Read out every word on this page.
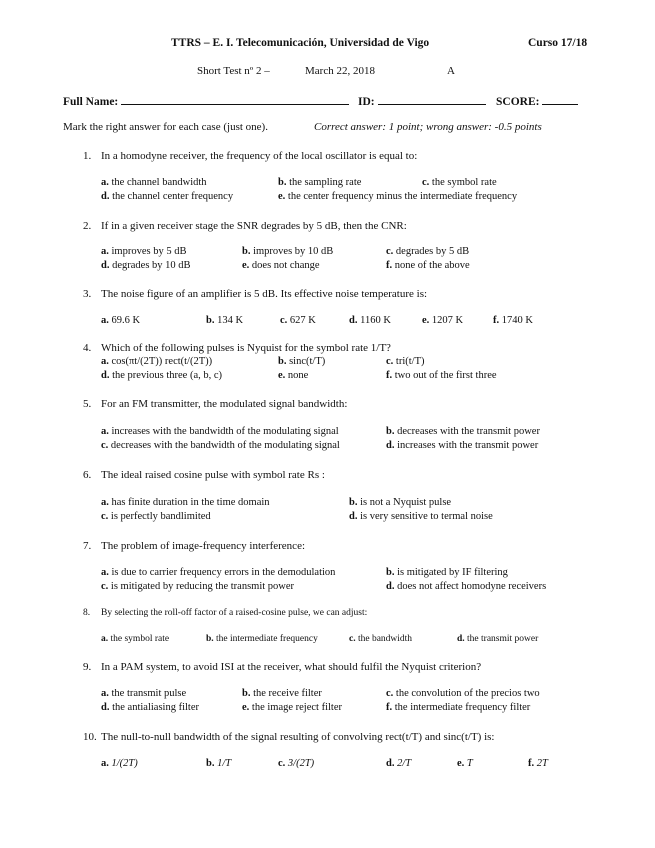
TTRS – E. I. Telecomunicación, Universidad de Vigo	Curso 17/18
Short Test nº 2 –	March 22, 2018	A
Full Name:	ID:	SCORE:
Mark the right answer for each case (just one).	Correct answer: 1 point; wrong answer: -0.5 points
1. In a homodyne receiver, the frequency of the local oscillator is equal to:
a. the channel bandwidth	b. the sampling rate	c. the symbol rate
d. the channel center frequency	e. the center frequency minus the intermediate frequency
2. If in a given receiver stage the SNR degrades by 5 dB, then the CNR:
a. improves by 5 dB	b. improves by 10 dB	c. degrades by 5 dB
d. degrades by 10 dB	e. does not change	f. none of the above
3. The noise figure of an amplifier is 5 dB. Its effective noise temperature is:
a. 69.6 K	b. 134 K	c. 627 K	d. 1160 K	e. 1207 K	f. 1740 K
4. Which of the following pulses is Nyquist for the symbol rate 1/T?
a. cos(πt/(2T)) rect(t/(2T))	b. sinc(t/T)	c. tri(t/T)
d. the previous three (a, b, c)	e. none	f. two out of the first three
5. For an FM transmitter, the modulated signal bandwidth:
a. increases with the bandwidth of the modulating signal	b. decreases with the transmit power
c. decreases with the bandwidth of the modulating signal	d. increases with the transmit power
6. The ideal raised cosine pulse with symbol rate Rs :
a. has finite duration in the time domain	b. is not a Nyquist pulse
c. is perfectly bandlimited	d. is very sensitive to termal noise
7. The problem of image-frequency interference:
a. is due to carrier frequency errors in the demodulation	b. is mitigated by IF filtering
c. is mitigated by reducing the transmit power	d. does not affect homodyne receivers
8. By selecting the roll-off factor of a raised-cosine pulse, we can adjust:
a. the symbol rate	b. the intermediate frequency	c. the bandwidth	d. the transmit power
9. In a PAM system, to avoid ISI at the receiver, what should fulfil the Nyquist criterion?
a. the transmit pulse	b. the receive filter	c. the convolution of the precios two
d. the antialiasing filter	e. the image reject filter	f. the intermediate frequency filter
10. The null-to-null bandwidth of the signal resulting of convolving rect(t/T) and sinc(t/T) is:
a. 1/(2T)	b. 1/T	c. 3/(2T)	d. 2/T	e. T	f. 2T
